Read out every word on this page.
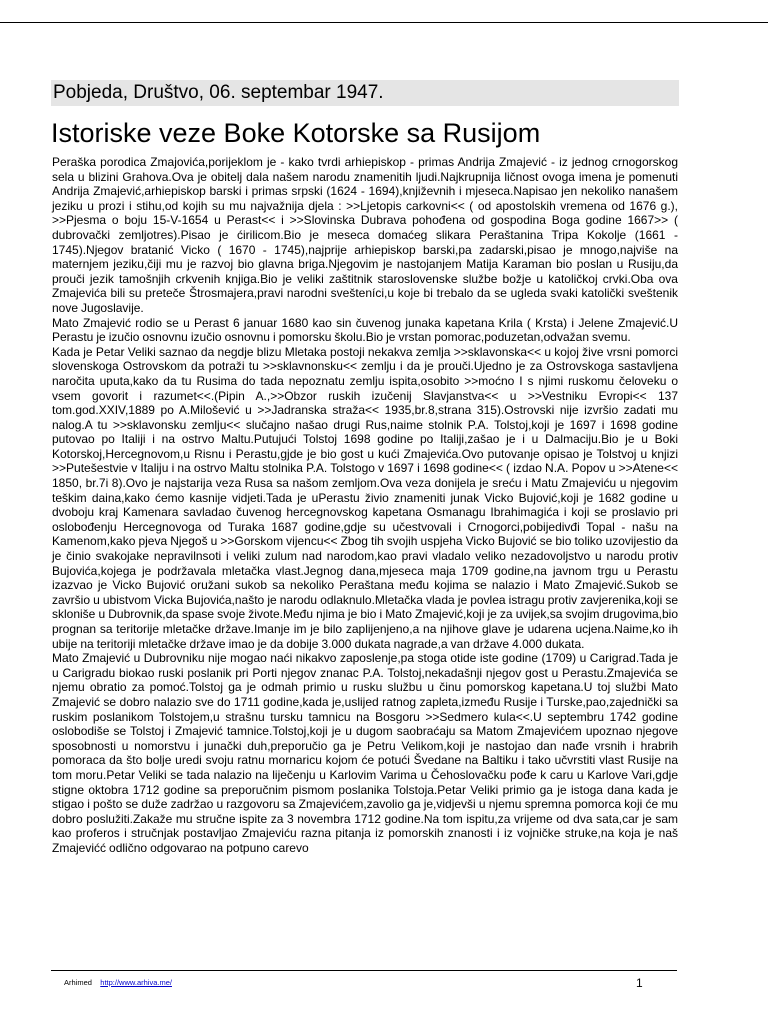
Pobjeda, Društvo, 06. septembar 1947.
Istoriske veze Boke Kotorske sa Rusijom

Peraška porodica Zmajovića,porijeklom je - kako tvrdi arhiepiskop - primas Andrija Zmajević - iz jednog crnogorskog sela u blizini Grahova.Ova je obitelj dala našem narodu znamenitih ljudi.Najkrupnija ličnost ovoga imena je pomenuti Andrija Zmajević,arhiepiskop barski i primas srpski (1624 - 1694),književnih i mjeseca.Napisao jen nekoliko nanašem jeziku u prozi i stihu,od kojih su mu najvažnija djela : >>Ljetopis carkovni<< ( od apostolskih vremena od 1676 g.), >>Pjesma o boju 15-V-1654 u Perast<< i >>Slovinska Dubrava pohođena od gospodina Boga godine 1667>> ( dubrovački zemljotres).Pisao je ćirilicom.Bio je meseca domaćeg slikara Peraštanina Tripa Kokolje (1661 - 1745).Njegov bratanić Vicko ( 1670 - 1745),najprije arhiepiskop barski,pa zadarski,pisao je mnogo,najviše na maternjem jeziku,čiji mu je razvoj bio glavna briga.Njegovim je nastojanjem Matija Karaman bio poslan u Rusiju,da prouči jezik tamošnjih crkvenih knjiga.Bio je veliki zaštitnik staroslovenske službe božje u katoličkoj crvki.Oba ova Zmajevića bili su preteče Štrosmajera,pravi narodni svešteníci,u koje bi trebalo da se ugleda svaki katolički sveštenik nove Jugoslavije.

Mato Zmajević rodio se u Perast 6 januar 1680 kao sin čuvenog junaka kapetana Krila ( Krsta) i Jelene Zmajević.U Perastu je izučio osnovnu izučio osnovnu i pomorsku školu.Bio je vrstan pomorac,poduzetan,odvažan svemu.

Kada je Petar Veliki saznao da negdje blizu Mletaka postoji nekakva zemlja >>sklavonska<< u kojoj žive vrsni pomorci slovenskoga Ostrovskom da potraži tu >>sklavnonsku<< zemlju i da je prouči.Ujedno je za Ostrovskoga sastavljena naročita uputa,kako da tu Rusima do tada nepoznatu zemlju ispita,osobito >>moćno I s njimi ruskomu čeloveku o vsem govorit i razumet<<.(Pipin A.,>>Obzor ruskih izučenij Slavjanstva<< u >>Vestniku Evropi<< 137 tom.god.XXIV,1889 po A.Milošević u >>Jadranska straža<< 1935,br.8,strana 315).Ostrovski nije izvršio zadati mu nalog.A tu >>sklavonsku zemlju<< slučajno našao drugi Rus,naime stolnik P.A. Tolstoj,koji je 1697 i 1698 godine putovao po Italiji i na ostrvo Maltu.Putujući Tolstoj 1698 godine po Italiji,zašao je i u Dalmaciju.Bio je u Boki Kotorskoj,Hercegnovom,u Risnu i Perastu,gjde je bio gost u kući Zmajevića.Ovo putovanje opisao je Tolstvoj u knjizi >>Putešestvie v Italiju i na ostrvo Maltu stolnika P.A. Tolstogo v 1697 i 1698 godine<< ( izdao N.A. Popov u >>Atene<< 1850, br.7i 8).Ovo je najstarija veza Rusa sa našom zemljom.Ova veza donijela je sreću i Matu Zmajeviću u njegovim teškim daina,kako ćemo kasnije vidjeti.Tada je uPerastu živio znameniti junak Vicko Bujović,koji je 1682 godine u dvoboju kraj Kamenara savladao čuvenog hercegnovskog kapetana Osmanagu Ibrahimagića i koji se proslavio pri oslobođenju Hercegnovoga od Turaka 1687 godine,gdje su učestvovali i Crnogorci,pobijedivđi Topal - našu na Kamenom,kako pjeva Njegoš u >>Gorskom vijencu<< Zbog tih svojih uspjeha Vicko Bujović se bio toliko uzovijestio da je činio svakojake nepravilnsoti i veliki zulum nad narodom,kao pravi vladalo veliko nezadovoljstvo u narodu protiv Bujovića,kojega je podržavala mletačka vlast.Jegnog dana,mjeseca maja 1709 godine,na javnom trgu u Perastu izazvao je Vicko Bujović oružani sukob sa nekoliko Peraštana među kojima se nalazio i Mato Zmajević.Sukob se završio u ubistvom Vicka Bujovića,našto je narodu odlaknulo.Mletačka vlada je povlea istragu protiv zavjerenika,koji se skloniše u Dubrovnik,da spase svoje živote.Među njima je bio i Mato Zmajević,koji je za uvijek,sa svojim drugovima,bio prognan sa teritorije mletačke države.Imanje im je bilo zaplijenjeno,a na njihove glave je udarena ucjena.Naime,ko ih ubije na teritoriji mletačke države imao je da dobije 3.000 dukata nagrade,a van države 4.000 dukata.

Mato Zmajević u Dubrovniku nije mogao naći nikakvo zaposlenje,pa stoga otide iste godine (1709) u Carigrad.Tada je u Carigradu biokao ruski poslanik pri Porti njegov znanac P.A. Tolstoj,nekadašnji njegov gost u Perastu.Zmajevića se njemu obratio za pomoć.Tolstoj ga je odmah primio u rusku službu u činu pomorskog kapetana.U toj službi Mato Zmajević se dobro nalazio sve do 1711 godine,kada je,uslijed ratnog zapleta,između Rusije i Turske,pao,zajednički sa ruskim poslanikom Tolstojem,u strašnu tursku tamnicu na Bosgoru >>Sedmero kula<<.U septembru 1742 godine oslobodiše se Tolstoj i Zmajević tamnice.Tolstoj,koji je u dugom saobraćaju sa Matom Zmajevićem upoznao njegove sposobnosti u nomorstvu i junački duh,preporučio ga je Petru Velikom,koji je nastojao dan nađe vrsnih i hrabrih pomoraca da što bolje uredi svoju ratnu mornaricu kojom će potući Švedane na Baltiku i tako učvrstiti vlast Rusije na tom moru.Petar Veliki se tada nalazio na liječenju u Karlovim Varima u Čehoslovačku pođe k caru u Karlove Vari,gdje stigne oktobra 1712 godine sa preporučnim pismom poslanika Tolstoja.Petar Veliki primio ga je istoga dana kada je stigao i pošto se duže zadržao u razgovoru sa Zmajevićem,zavolio ga je,vidjevši u njemu spremna pomorca koji će mu dobro poslužiti.Zakaže mu stručne ispite za 3 novembra 1712 godine.Na tom ispitu,za vrijeme od dva sata,car je sam kao proferos i stručnjak postavljao Zmajeviću razna pitanja iz pomorskih znanosti i iz vojničke struke,na koja je naš Zmajevićć odlično odgovarao na potpuno carevo

Arhimed http://www.arhiva.me/	1
